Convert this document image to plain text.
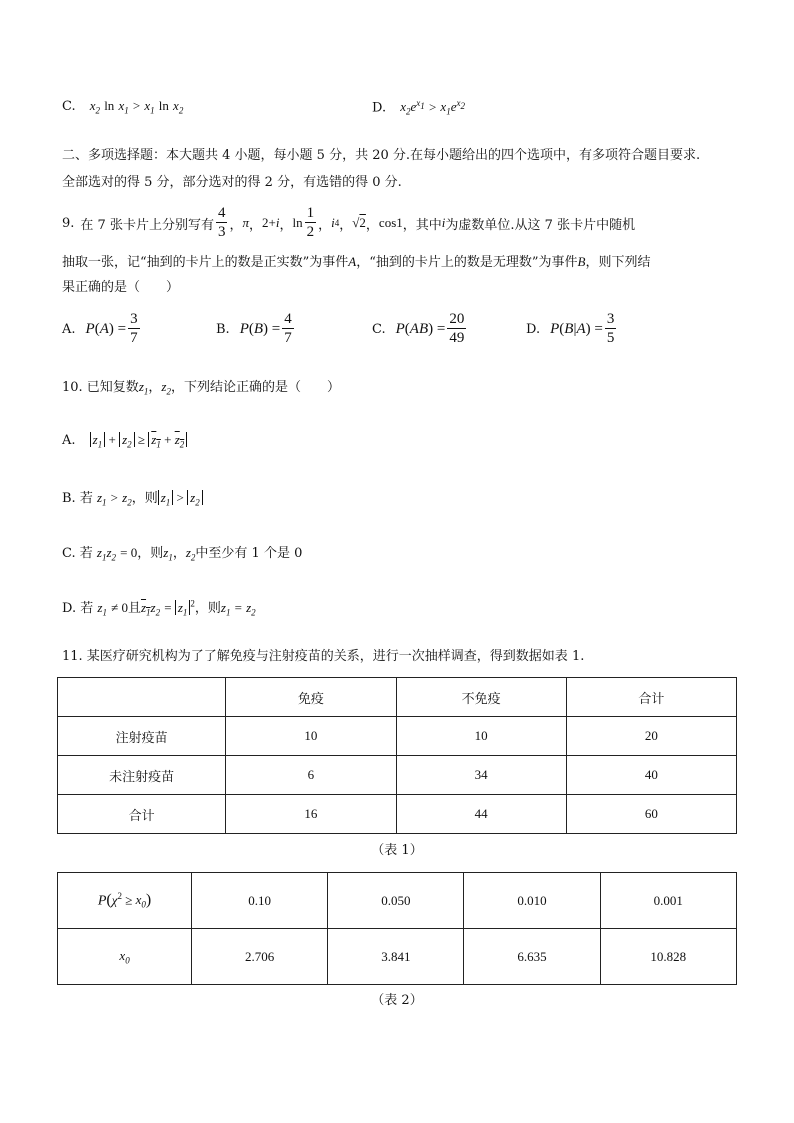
C. $x_2$ $\ln x_1 > x_1$ $\ln x_2$	D. $x_2e^{x_1} > x_1e^{x_2}$
二、多项选择题：本大题共 4 小题，每小题 5 分，共 20 分.在每小题给出的四个选项中，有多项符合题目要求.
全部选对的得 5 分，部分选对的得 2 分，有选错的得 0 分.
9. 在 7 张卡片上分别写有 $\frac{4}{3}$ ， π ， 2+ i ， $\ln \frac{1}{2}$ ， i 4 ， √2 ， cos1 ，其中 i 为虚数单位.从这 7 张卡片中随机
抽取一张，记“抽到的卡片上的数是正实数”为事件A，“抽到的卡片上的数是无理数”为事件B，则下列结
果正确的是（　　）
A. P ( A ) = $\frac{3}{7}$	B. P ( B ) = $\frac{4}{7}$	C. P ( AB ) = $\frac{20}{49}$	D. P ( B | A ) = $\frac{3}{5}$
10. 已知复数$z_1$，$z_2$，下列结论正确的是（　　）
A. $z_1 + z_2 \ge z_1 + z_2$
B. 若 $z_1 > z_2$，则 $z_1 > z_2$
C. 若 $z_1z_2 = 0$，则$z_1$，$z_2$中至少有 1 个是 0
D. 若 $z_1 \ne 0$且$z_1z_2 = z_1^2$，则$z_1 = z_2$
11. 某医疗研究机构为了了解免疫与注射疫苗的关系，进行一次抽样调查，得到数据如表 1.
	免疫	不免疫	合计
注射疫苗	10	10	20
未注射疫苗	6	34	40
合计	16	44	60
（表 1）
$P(\chi^2 \ge x_0)$	0.10	0.050	0.010	0.001
$x_0$	2.706	3.841	6.635	10.828
（表 2）
